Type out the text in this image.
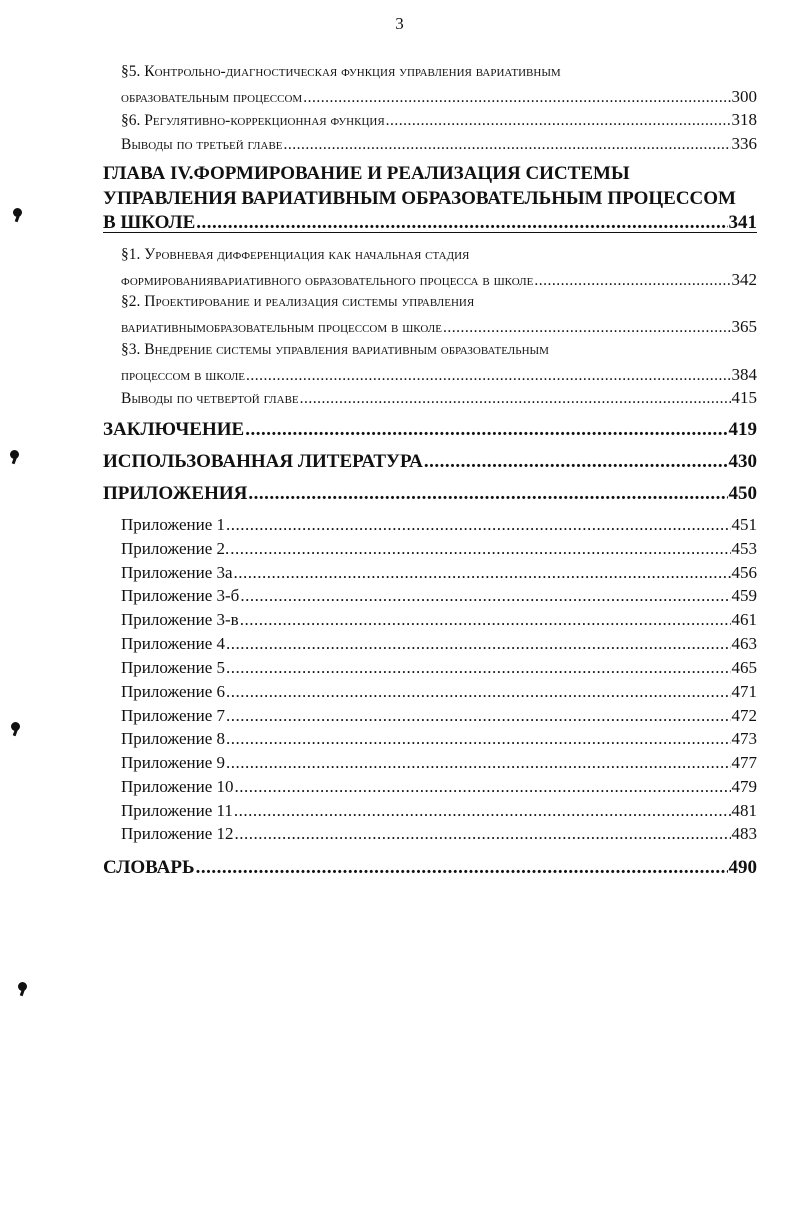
3
§5. Контрольно-диагностическая функция управления вариативным
образовательным процессом .....	300
§6. Регулятивно-коррекционная функция .....	318
Выводы по третьей главе .....	336
ГЛАВА IV.ФОРМИРОВАНИЕ И РЕАЛИЗАЦИЯ СИСТЕМЫ
УПРАВЛЕНИЯ ВАРИАТИВНЫМ ОБРАЗОВАТЕЛЬНЫМ ПРОЦЕССОМ
В ШКОЛЕ .....	341
§1. Уровневая дифференциация как начальная стадия
формированиявариативного образовательного процесса в школе .....	342
§2. Проектирование и реализация системы управления
вариативнымобразовательным процессом в школе .....	365
§3. Внедрение системы управления вариативным образовательным
процессом в школе .....	384
Выводы по четвертой главе .....	415
ЗАКЛЮЧЕНИЕ .....	419
ИСПОЛЬЗОВАННАЯ ЛИТЕРАТУРА .....	430
ПРИЛОЖЕНИЯ .....	450
Приложение 1 .....	451
Приложение 2. .....	453
Приложение 3а .....	456
Приложение 3-б .....	459
Приложение 3-в .....	461
Приложение 4 .....	463
Приложение 5 .....	465
Приложение 6 .....	471
Приложение 7 .....	472
Приложение 8 .....	473
Приложение 9 .....	477
Приложение 10 .....	479
Приложение 11 .....	481
Приложение 12 .....	483
СЛОВАРЬ .....	490
